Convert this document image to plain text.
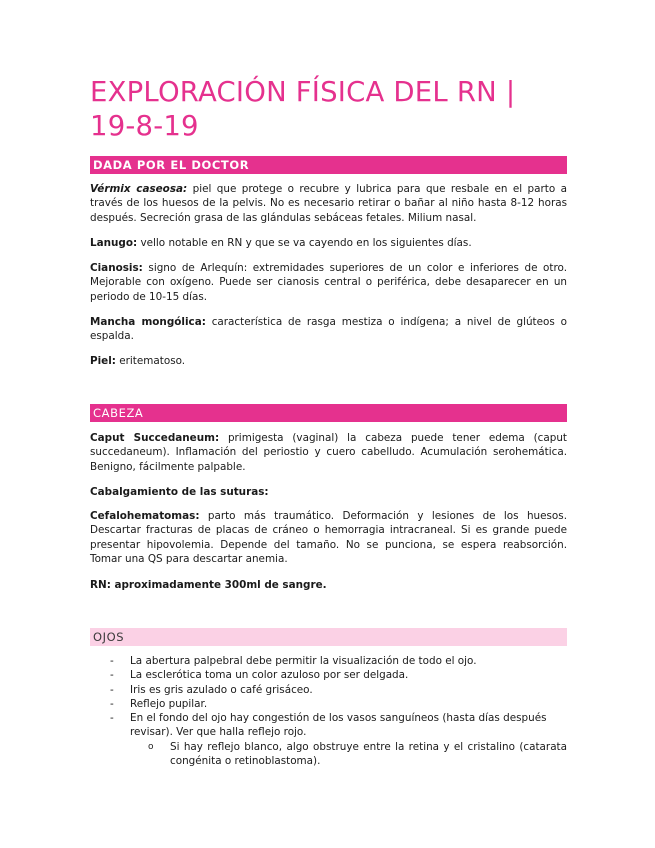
EXPLORACIÓN FÍSICA DEL RN | 19-8-19
DADA POR EL DOCTOR

Vérmix caseosa: piel que protege o recubre y lubrica para que resbale en el parto a través de los huesos de la pelvis. No es necesario retirar o bañar al niño hasta 8-12 horas después. Secreción grasa de las glándulas sebáceas fetales. Milium nasal.

Lanugo: vello notable en RN y que se va cayendo en los siguientes días.

Cianosis: signo de Arlequín: extremidades superiores de un color e inferiores de otro. Mejorable con oxígeno. Puede ser cianosis central o periférica, debe desaparecer en un periodo de 10-15 días.

Mancha mongólica: característica de rasga mestiza o indígena; a nivel de glúteos o espalda.

Piel: eritematoso.

CABEZA

Caput Succedaneum: primigesta (vaginal) la cabeza puede tener edema (caput succedaneum). Inflamación del periostio y cuero cabelludo. Acumulación serohemática. Benigno, fácilmente palpable.

Cabalgamiento de las suturas:

Cefalohematomas: parto más traumático. Deformación y lesiones de los huesos. Descartar fracturas de placas de cráneo o hemorragia intracraneal. Si es grande puede presentar hipovolemia. Depende del tamaño. No se punciona, se espera reabsorción. Tomar una QS para descartar anemia.

RN: aproximadamente 300ml de sangre.

OJOS
- La abertura palpebral debe permitir la visualización de todo el ojo.
- La esclerótica toma un color azuloso por ser delgada.
- Iris es gris azulado o café grisáceo.
- Reflejo pupilar.
- En el fondo del ojo hay congestión de los vasos sanguíneos (hasta días después revisar). Ver que halla reflejo rojo.
o Si hay reflejo blanco, algo obstruye entre la retina y el cristalino (catarata congénita o retinoblastoma).
